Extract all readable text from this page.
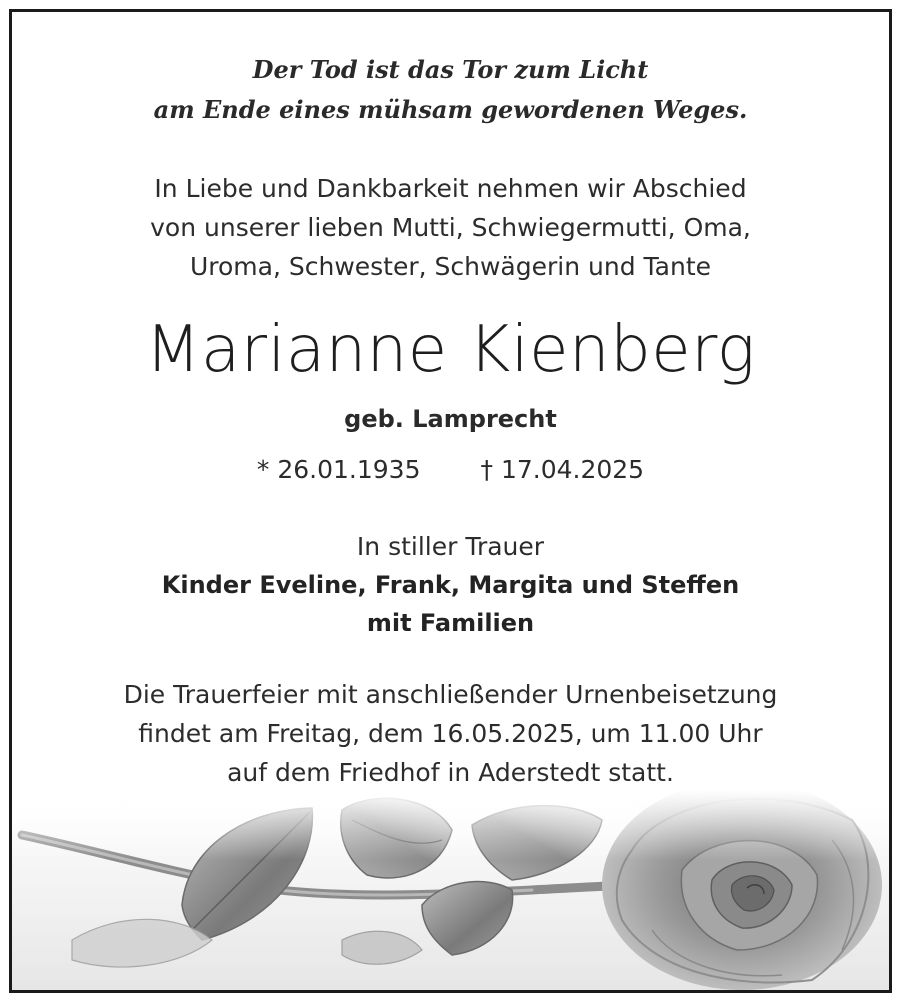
Der Tod ist das Tor zum Licht
am Ende eines mühsam gewordenen Weges.
In Liebe und Dankbarkeit nehmen wir Abschied
von unserer lieben Mutti, Schwiegermutti, Oma,
Uroma, Schwester, Schwägerin und Tante
Marianne Kienberg
geb. Lamprecht
* 26.01.1935 † 17.04.2025
In stiller Trauer
Kinder Eveline, Frank, Margita und Steffen
mit Familien
Die Trauerfeier mit anschließender Urnenbeisetzung
findet am Freitag, dem 16.05.2025, um 11.00 Uhr
auf dem Friedhof in Aderstedt statt.
